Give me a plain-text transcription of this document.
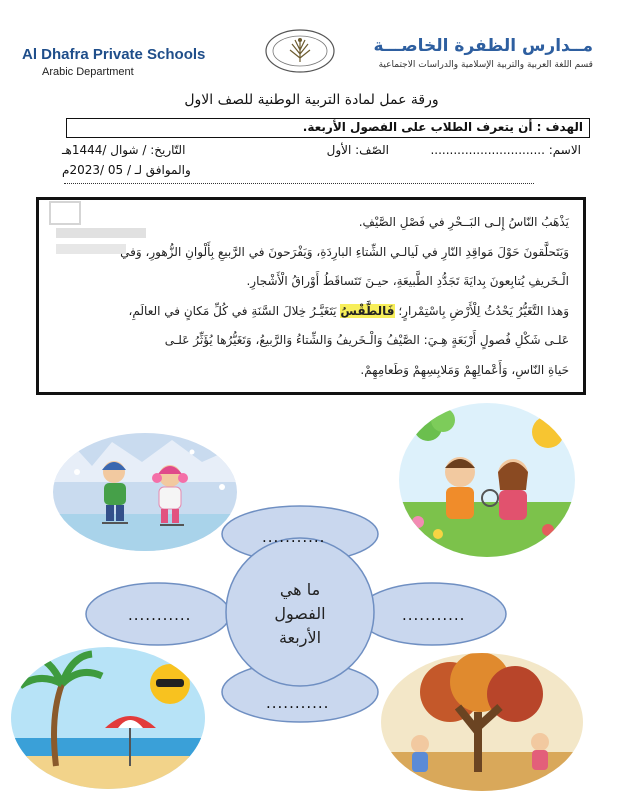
Al Dhafra Private Schools
Arabic Department
مــدارس الظفرة الخاصـــة
قسم اللغة العربية والتربية الإسلامية والدراسات الاجتماعية
ورقة عمل لمادة التربية الوطنية للصف الاول
الهدف : أن يتعرف الطلاب على الفصول الأربعة.
الاسم: ..............................
الصّف: الأول
التّاريخ: / شوال /1444هـ
والموافق لـ / 05 /2023م
يَذْهَبُ النّاسُ إِلـى البَــحْرِ في فَصْلِ الصَّيْفِ.
وَيَتَحلَّقونَ حَوْلَ مَواقِدِ النّارِ في لَيالـي الشِّتاءِ البارِدَةِ، وَيَفْرَحونَ في الرَّبيعِ بِأَلْوانِ الزُّهورِ، وَفي
الْـخَريفِ يُتابِعونَ بِدايَةَ تَجَدُّدِ الطَّبيعَةِ، حيـنَ تَتَساقَطُ أَوْراقُ الْأَشْجارِ.
وَهذا التَّغَيُّرُ يَحْدُثُ لِلْأَرْضِ بِاسْتِمْرارٍ؛ فَالطَّقْسُ يَتَغَيَّـرُ خِلالَ السَّنَةِ في كُلِّ مَكانٍ في العالَمِ،
عَلـى شَكْلِ فُصولٍ أَرْبَعَةٍ هِـيَ: الصَّيْفُ وَالْـخَريفُ وَالشِّتاءُ وَالرَّبيعُ، وَتَغَيُّرُها يُؤَثِّرُ عَلـى
حَياةِ النّاسِ، وَأَعْمالِهِمْ وَمَلابِسِهِمْ وَطَعامِهِمْ.
ما هي
الفصول
الأربعة
...........
...........	...........
...........
